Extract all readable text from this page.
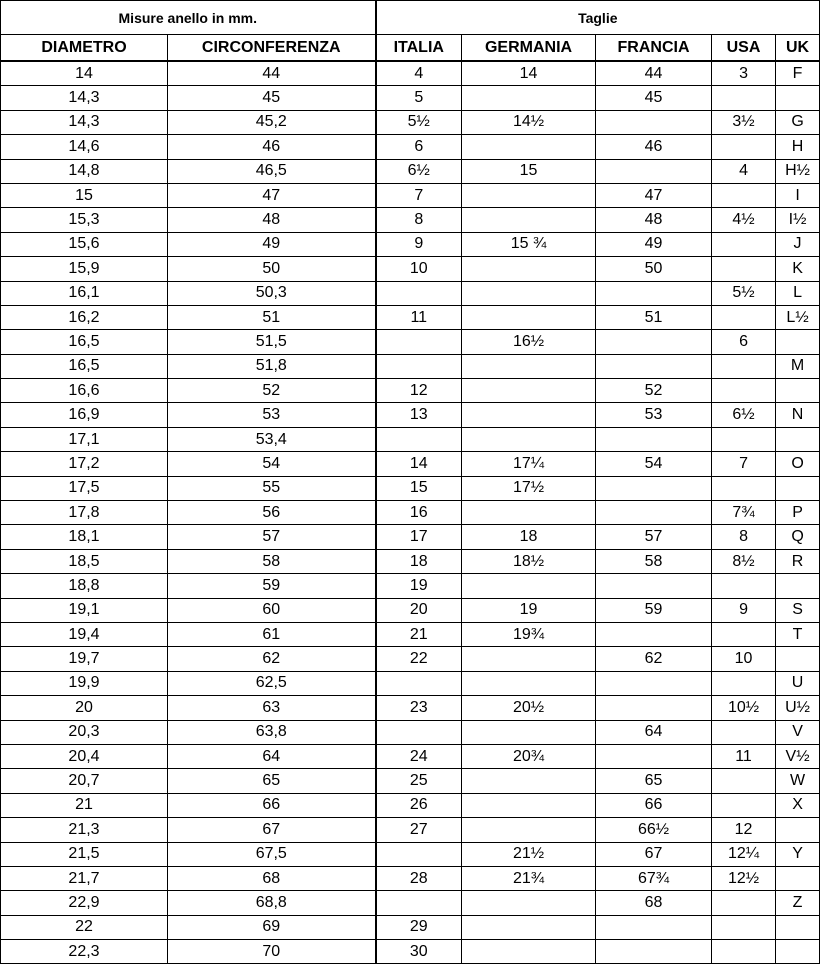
Misure anello in mm.		Taglie				
DIAMETRO	CIRCONFERENZA	ITALIA	GERMANIA	FRANCIA	USA	UK
14	44	4	14	44	3	F
14,3	45	5		45		
14,3	45,2	5½	14½		3½	G
14,6	46	6		46		H
14,8	46,5	6½	15		4	H½
15	47	7		47		I
15,3	48	8		48	4½	I½
15,6	49	9	15 ¾	49		J
15,9	50	10		50		K
16,1	50,3				5½	L
16,2	51	11		51		L½
16,5	51,5		16½		6	
16,5	51,8					M
16,6	52	12		52		
16,9	53	13		53	6½	N
17,1	53,4					
17,2	54	14	17¼	54	7	O
17,5	55	15	17½			
17,8	56	16			7¾	P
18,1	57	17	18	57	8	Q
18,5	58	18	18½	58	8½	R
18,8	59	19				
19,1	60	20	19	59	9	S
19,4	61	21	19¾			T
19,7	62	22		62	10	
19,9	62,5					U
20	63	23	20½		10½	U½
20,3	63,8			64		V
20,4	64	24	20¾		11	V½
20,7	65	25		65		W
21	66	26		66		X
21,3	67	27		66½	12	
21,5	67,5		21½	67	12¼	Y
21,7	68	28	21¾	67¾	12½	
22,9	68,8			68		Z
22	69	29				
22,3	70	30				
